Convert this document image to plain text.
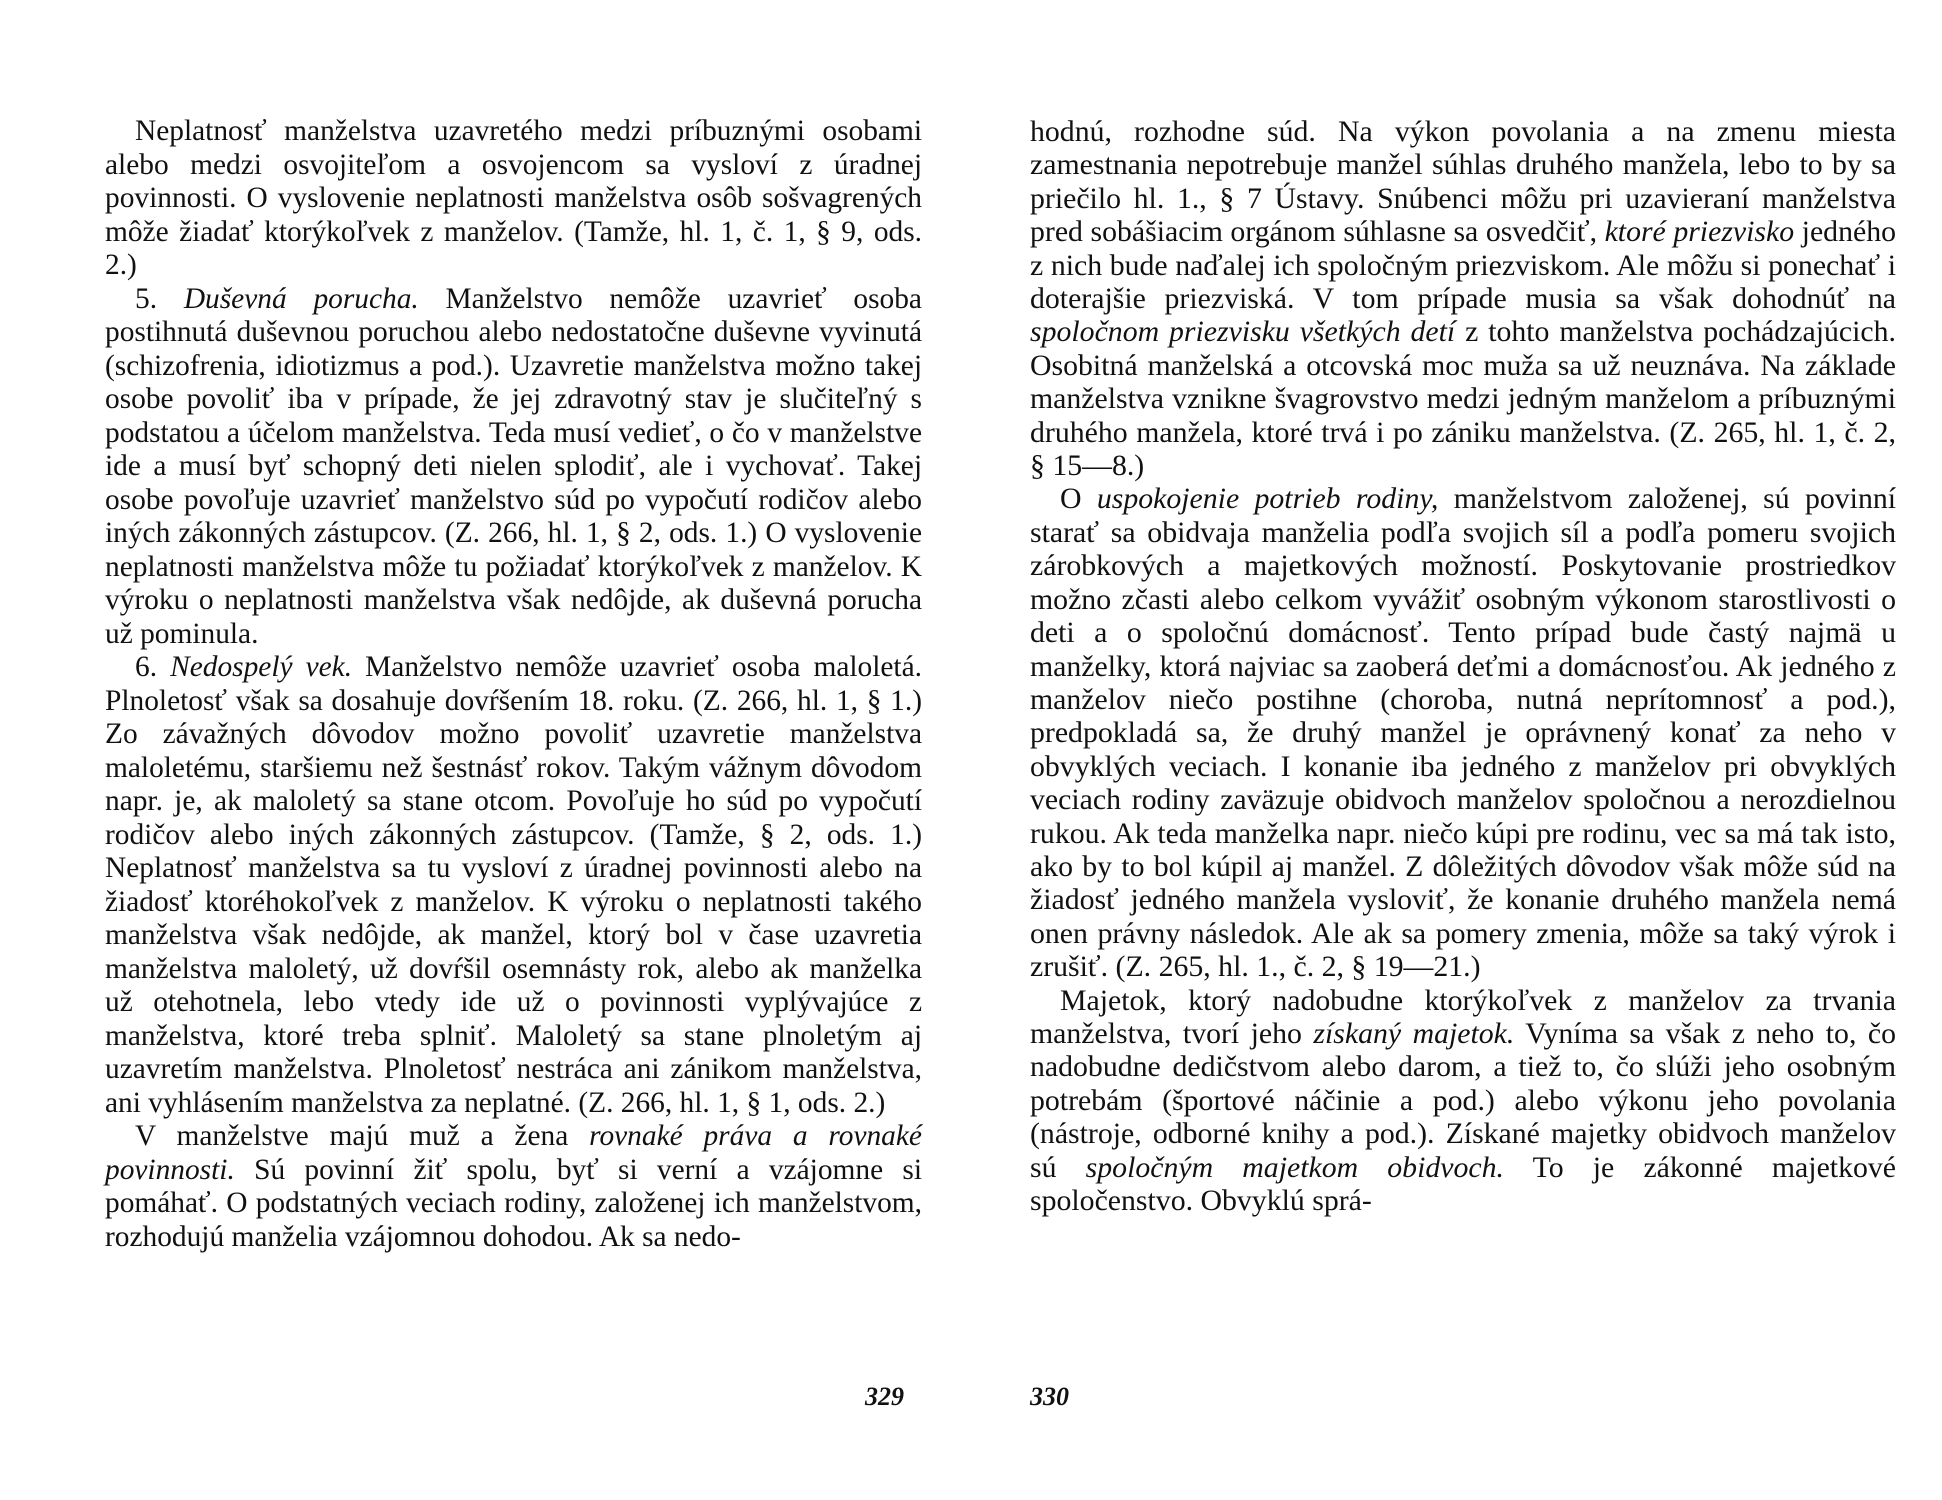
Neplatnosť manželstva uzavretého medzi príbuznými osobami alebo medzi osvojiteľom a osvojencom sa vysloví z úradnej povinnosti. O vyslovenie neplatnosti manželstva osôb sošvagrených môže žiadať ktorýkoľvek z manželov. (Tamže, hl. 1, č. 1, § 9, ods. 2.)

5. Duševná porucha. Manželstvo nemôže uzavrieť osoba postihnutá duševnou poruchou alebo nedostatočne duševne vyvinutá (schizofrenia, idiotizmus a pod.). Uzavretie manželstva možno takej osobe povoliť iba v prípade, že jej zdravotný stav je slučiteľný s podstatou a účelom manželstva. Teda musí vedieť, o čo v manželstve ide a musí byť schopný deti nielen splodiť, ale i vychovať. Takej osobe povoľuje uzavrieť manželstvo súd po vypočutí rodičov alebo iných zákonných zástupcov. (Z. 266, hl. 1, § 2, ods. 1.) O vyslovenie neplatnosti manželstva môže tu požiadať ktorýkoľvek z manželov. K výroku o neplatnosti manželstva však nedôjde, ak duševná porucha už pominula.

6. Nedospelý vek. Manželstvo nemôže uzavrieť osoba maloletá. Plnoletosť však sa dosahuje dovŕšením 18. roku. (Z. 266, hl. 1, § 1.) Zo závažných dôvodov možno povoliť uzavretie manželstva maloletému, staršiemu než šestnásť rokov. Takým vážnym dôvodom napr. je, ak maloletý sa stane otcom. Povoľuje ho súd po vypočutí rodičov alebo iných zákonných zástupcov. (Tamže, § 2, ods. 1.) Neplatnosť manželstva sa tu vysloví z úradnej povinnosti alebo na žiadosť ktoréhokoľvek z manželov. K výroku o neplatnosti takého manželstva však nedôjde, ak manžel, ktorý bol v čase uzavretia manželstva maloletý, už dovŕšil osemnásty rok, alebo ak manželka už otehotnela, lebo vtedy ide už o povinnosti vyplývajúce z manželstva, ktoré treba splniť. Maloletý sa stane plnoletým aj uzavretím manželstva. Plnoletosť nestráca ani zánikom manželstva, ani vyhlásením manželstva za neplatné. (Z. 266, hl. 1, § 1, ods. 2.)

V manželstve majú muž a žena rovnaké práva a rovnaké povinnosti. Sú povinní žiť spolu, byť si verní a vzájomne si pomáhať. O podstatných veciach rodiny, založenej ich manželstvom, rozhodujú manželia vzájomnou dohodou. Ak sa nedo-

hodnú, rozhodne súd. Na výkon povolania a na zmenu miesta zamestnania nepotrebuje manžel súhlas druhého manžela, lebo to by sa priečilo hl. 1., § 7 Ústavy. Snúbenci môžu pri uzavieraní manželstva pred sobášiacim orgánom súhlasne sa osvedčiť, ktoré priezvisko jedného z nich bude naďalej ich spoločným priezviskom. Ale môžu si ponechať i doterajšie priezviská. V tom prípade musia sa však dohodnúť na spoločnom priezvisku všetkých detí z tohto manželstva pochádzajúcich. Osobitná manželská a otcovská moc muža sa už neuznáva. Na základe manželstva vznikne švagrovstvo medzi jedným manželom a príbuznými druhého manžela, ktoré trvá i po zániku manželstva. (Z. 265, hl. 1, č. 2, § 15—8.)

O uspokojenie potrieb rodiny, manželstvom založenej, sú povinní starať sa obidvaja manželia podľa svojich síl a podľa pomeru svojich zárobkových a majetkových možností. Poskytovanie prostriedkov možno zčasti alebo celkom vyvážiť osobným výkonom starostlivosti o deti a o spoločnú domácnosť. Tento prípad bude častý najmä u manželky, ktorá najviac sa zaoberá deťmi a domácnosťou. Ak jedného z manželov niečo postihne (choroba, nutná neprítomnosť a pod.), predpokladá sa, že druhý manžel je oprávnený konať za neho v obvyklých veciach. I konanie iba jedného z manželov pri obvyklých veciach rodiny zaväzuje obidvoch manželov spoločnou a nerozdielnou rukou. Ak teda manželka napr. niečo kúpi pre rodinu, vec sa má tak isto, ako by to bol kúpil aj manžel. Z dôležitých dôvodov však môže súd na žiadosť jedného manžela vysloviť, že konanie druhého manžela nemá onen právny následok. Ale ak sa pomery zmenia, môže sa taký výrok i zrušiť. (Z. 265, hl. 1., č. 2, § 19—21.)

Majetok, ktorý nadobudne ktorýkoľvek z manželov za trvania manželstva, tvorí jeho získaný majetok. Vyníma sa však z neho to, čo nadobudne dedičstvom alebo darom, a tiež to, čo slúži jeho osobným potrebám (športové náčinie a pod.) alebo výkonu jeho povolania (nástroje, odborné knihy a pod.). Získané majetky obidvoch manželov sú spoločným majetkom obidvoch. To je zákonné majetkové spoločenstvo. Obvyklú sprá-

329	330
